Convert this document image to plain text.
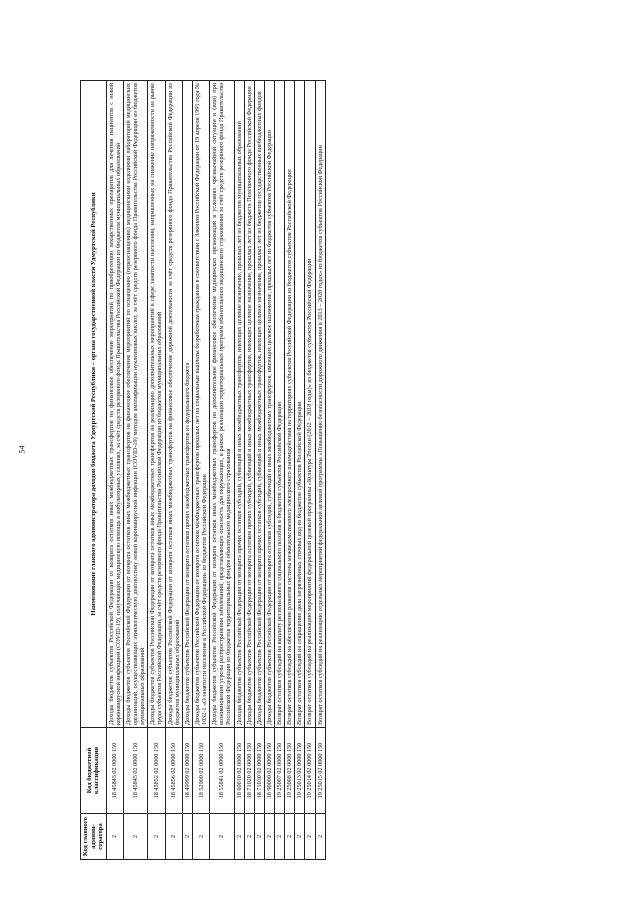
54
Код главного админи-стратора	Код бюджетной классификации	Наименование главного администратора доходов бюджета Удмуртской Республики – органа государственной власти Удмуртской Республики
2	18 45843 02 0000 150	Доходы бюджетов субъектов Российской Федерации от возврата остатков иных межбюджетных трансфертов на финансовое обеспечение мероприятий по приобретению лекарственных препаратов для лечения пациентов с новой коронавирусной инфекцией (COVID-19), получающих медицинскую помощь в амбулаторных условиях, за счёт средств резервного фонда Правительства Российской Федерации из бюджетов муниципальных образований
2	18 45845 02 0000 150	Доходы бюджетов субъектов Российской Федерации от возврата остатков иных межбюджетных трансфертов на финансовое обеспечение мероприятий по оснащению (переоснащению) медицинскими изделиями лабораторий медицинских организаций, осуществляющих этиологическую диагностику новой коронавирусной инфекции (COVID-19) методом амплификации нуклеиновых кислот, за счёт средств резервного фонда Правительства Российской Федерации из бюджетов муниципальных образований
2	18 45852 02 0000 150	Доходы бюджетов субъектов Российской Федерации от возврата остатков иных межбюджетных трансфертов на реализацию дополнительных мероприятий в сфере занятости населения, направленных на снижение напряженности на рынке труда субъектов Российской Федерации, за счёт средств резервного фонда Правительства Российской Федерации из бюджетов муниципальных образований
2	18 45856 02 0000 150	Доходы бюджетов субъектов Российской Федерации от возврата остатков иных межбюджетных трансфертов на финансовое обеспечение дорожной деятельности за счёт средств резервного фонда Правительства Российской Федерации из бюджетов муниципальных образований
2	18 49999 02 0000 150	Доходы бюджетов субъектов Российской Федерации от возврата остатков прочих межбюджетных трансфертов из федерального бюджета
2	18 52900 02 0000 150	Доходы бюджетов субъектов Российской Федерации от возврата остатков межбюджетных трансфертов прошлых лет на социальные выплаты безработным гражданам в соответствии с Законом Российской Федерации от 19 апреля 1991 года № 1032-1 «О занятости населения в Российской Федерации» из бюджетов Российской Федерации
2	18 55841 02 0000 150	Доходы бюджетов субъектов Российской Федерации от возврата остатков иных межбюджетных трансфертов на дополнительное финансовое обеспечение медицинских организаций в условиях чрезвычайной ситуации и (или) при возникновении угрозы распространения заболеваний, представляющих опасность для окружающих, в рамках реализации территориальных программ обязательного медицинского страхования за счёт средств резервного фонда Правительства Российской Федерации из бюджетов территориальных фондов обязательного медицинского страхования
2	18 60010 02 0000 150	Доходы бюджетов субъектов Российской Федерации от возврата прочих остатков субсидий, субвенций и иных межбюджетных трансфертов, имеющих целевое назначение, прошлых лет из бюджетов муниципальных образований
2	18 71020 02 0000 150	Доходы бюджетов субъектов Российской Федерации от возврата остатков прочих субсидий, субвенций и иных межбюджетных трансфертов, имеющих целевое назначение, прошлых лет из бюджета Пенсионного фонда Российской Федерации
2	18 71030 02 0000 150	Доходы бюджетов субъектов Российской Федерации от возврата прочих остатков субсидий, субвенций и иных межбюджетных трансфертов, имеющих целевое назначение, прошлых лет из бюджетов государственных внебюджетных фондов
2	18 90000 02 0000 150	Доходы бюджетов субъектов Российской Федерации от возврата остатков субсидий, субвенций и иных межбюджетных трансфертов, имеющих целевое назначение, прошлых лет из бюджетов субъектов Российской Федерации
2	19 25007 02 0000 150	Возврат остатков субсидий на выплату регионального социального пособия в бюджетов субъектов Российской Федерации
2	19 25008 02 0000 150	Возврат остатков субсидий на обеспечение развития системы межведомственного электронного взаимодействия на территориях субъектов Российской Федерации из бюджетов субъектов Российской Федерации
2	19 25013 02 0000 150	Возврат остатков субсидий на сокращение доли загрязнённых сточных вод из бюджетов субъектов Российской Федерации
2	19 25014 02 0000 150	Возврат остатков субсидий на реализацию мероприятий федеральной целевой программы «Культура России (2012 – 2018 годы)» из бюджетов субъектов Российской Федерации
2	19 25015 02 0000 150	Возврат остатков субсидий на реализацию отдельных мероприятий федеральной целевой программы «Повышение безопасности дорожного движения в 2013 – 2020 годах» из бюджетов субъектов Российской Федерации
